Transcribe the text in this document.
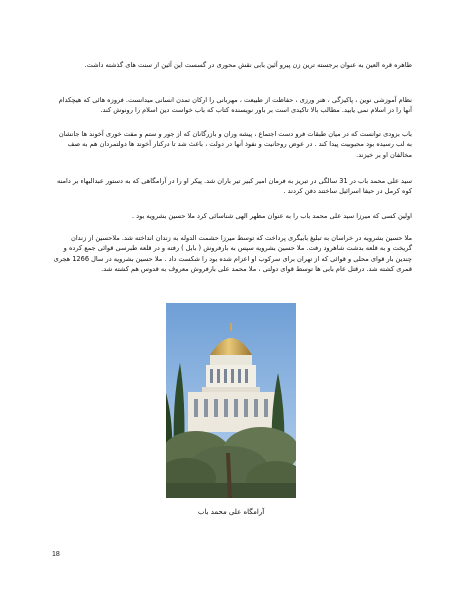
طاهره قره العین به عنوان برجسته ترین زن پیرو آئین بابی نقش محوری در گسست این آئین از سنت های گذشته داشت.

نظام آموزشی نوین ، پاکیزگی ، هنر ورزی ، حفاظت از طبیعت ، مهربانی را ارکان تمدن انسانی میدانست. فروزه هائی که هیچکدام آنها را در اسلام نمی یابید. مطالب بالا تاکیدی است بر باور نویسنده کتاب که باب خواست دین اسلام را رونوش کند.

باب بزودی توانست که در میان طبقات فرو دست اجتماع ، پیشه وران و بازرگانان که از جور و ستم و مفت خوری آخوند ها جانشان به لب رسیده بود محبوبیت پیدا کند . در عوض روحانیت و نفوذ آنها در دولت ، باعث شد تا درکنار آخوند ها دولتمردان هم به صف مخالفان او بر خیزند.

سید علی محمد باب در 31 سالگی در تبریز به فرمان امیر کبیر تیر باران شد. پیکر او را در آرامگاهی که به دستور عبدالبهاء بر دامنه کوه کرمل در حیفا اسرائیل ساختند دفن کردند .

اولین کسی که میرزا سید علی محمد باب را به عنوان مظهر الهی شناسائی کرد ملا حسین بشرویه بود .

ملا حسین بشرویه در خراسان به تبلیغ بابیگری پرداخت که توسط میرزا حشمت الدوله به زندان انداخته شد. ملاحسین از زندان گریخت و به قلعه بدشت شاهرود رفت. ملا حسین بشرویه سپس به بارفروش ( بابل ) رفته و در قلعه طبرسی قوائی جمع کرده و چندین بار قوای محلی و قوائی که از تهران برای سرکوب او اعزام شده بود را شکست داد . ملا حسین بشرویه در سال 1266 هجری قمری کشته شد. درقتل عام بابی ها توسط قوای دولتی ، ملا محمد علی بارفروش معروف به قدوس هم کشته شد.

آرامگاه علی محمد باب
18
